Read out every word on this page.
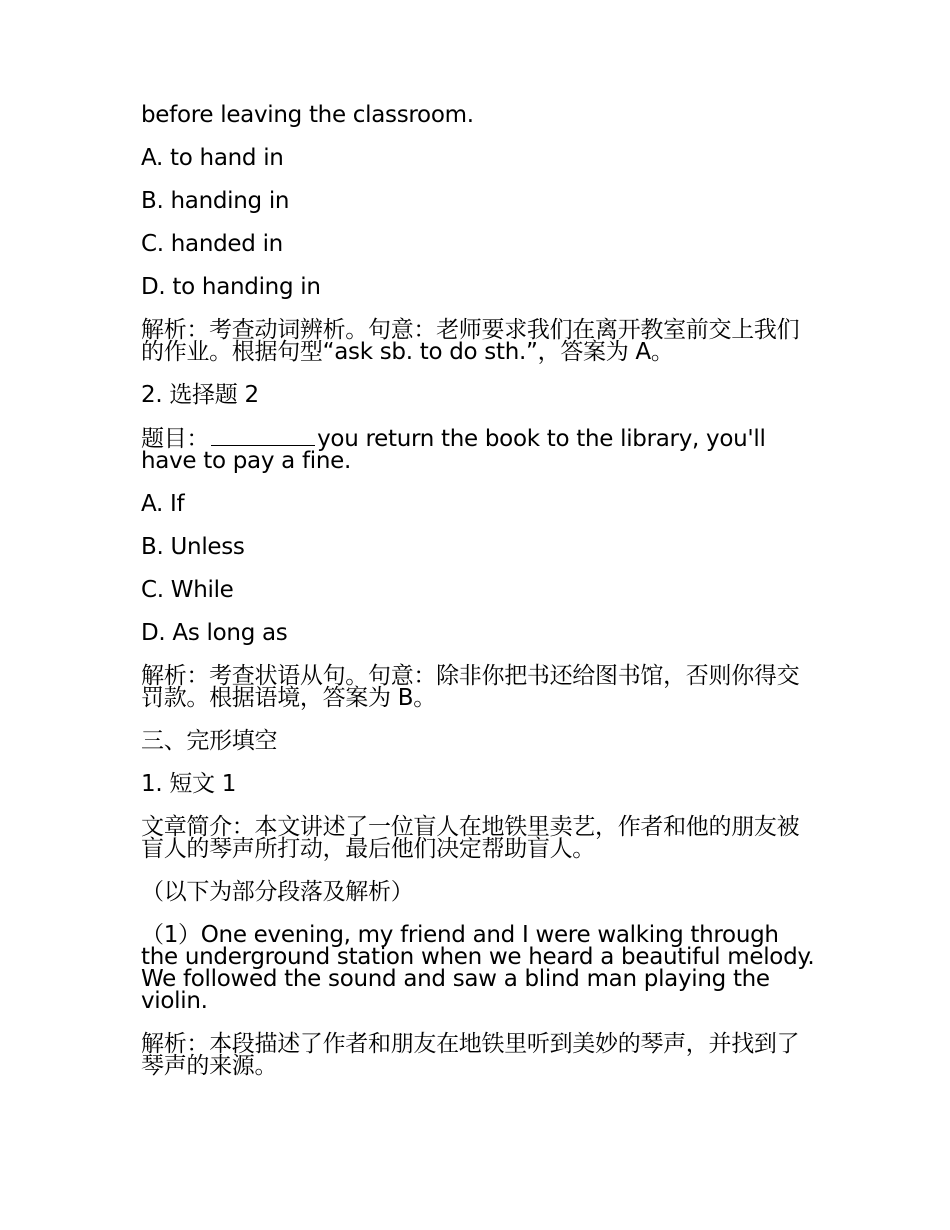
before leaving the classroom.

A. to hand in

B. handing in

C. handed in

D. to handing in

解析：考查动词辨析。句意：老师要求我们在离开教室前交上我们的作业。根据句型“ask sb. to do sth.”，答案为 A。

2. 选择题 2

题目：	you return the book to the library, you'll have to pay a fine.

A. If

B. Unless

C. While

D. As long as

解析：考查状语从句。句意：除非你把书还给图书馆，否则你得交罚款。根据语境，答案为 B。

三、完形填空

1. 短文 1

文章简介：本文讲述了一位盲人在地铁里卖艺，作者和他的朋友被盲人的琴声所打动，最后他们决定帮助盲人。

（以下为部分段落及解析）

（1）One evening, my friend and I were walking through the underground station when we heard a beautiful melody. We followed the sound and saw a blind man playing the violin.

解析：本段描述了作者和朋友在地铁里听到美妙的琴声，并找到了琴声的来源。
